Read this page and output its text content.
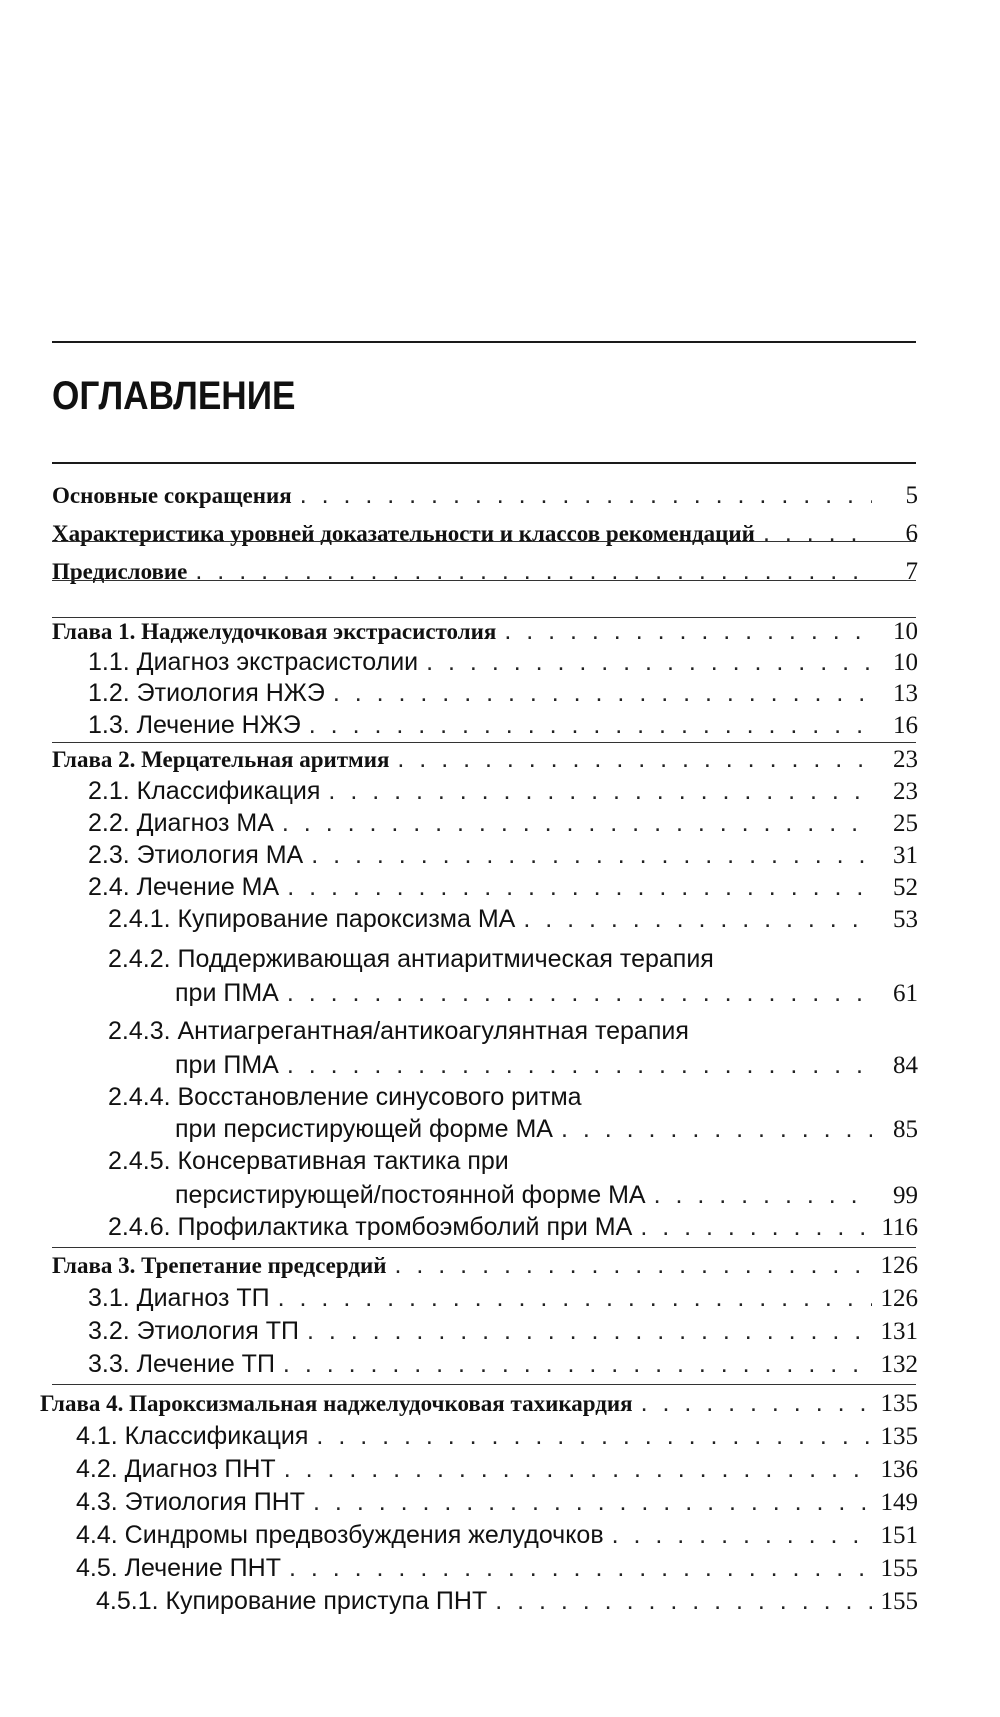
ОГЛАВЛЕНИЕ
Основные сокращения . . .	5
Характеристика уровней доказательности и классов рекомендаций . . .	6
Предисловие . . .	7
Глава 1. Наджелудочковая экстрасистолия . . .	10
1.1. Диагноз экстрасистолии . . .	10
1.2. Этиология НЖЭ . . .	13
1.3. Лечение НЖЭ . . .	16
Глава 2. Мерцательная аритмия . . .	23
2.1. Классификация . . .	23
2.2. Диагноз МА . . .	25
2.3. Этиология МА . . .	31
2.4. Лечение МА . . .	52
2.4.1. Купирование пароксизма МА . . .	53
2.4.2. Поддерживающая антиаритмическая терапия
при ПМА . . .	61
2.4.3. Антиагрегантная/антикоагулянтная терапия
при ПМА . . .	84
2.4.4. Восстановление синусового ритма
при персистирующей форме МА . . .	85
2.4.5. Консервативная тактика при
персистирующей/постоянной форме МА . . .	99
2.4.6. Профилактика тромбоэмболий при МА . . .	116
Глава 3. Трепетание предсердий . . .	126
3.1. Диагноз ТП . . .	126
3.2. Этиология ТП . . .	131
3.3. Лечение ТП . . .	132
Глава 4. Пароксизмальная наджелудочковая тахикардия . . .	135
4.1. Классификация . . .	135
4.2. Диагноз ПНТ . . .	136
4.3. Этиология ПНТ . . .	149
4.4. Синдромы предвозбуждения желудочков . . .	151
4.5. Лечение ПНТ . . .	155
4.5.1. Купирование приступа ПНТ . . .	155
